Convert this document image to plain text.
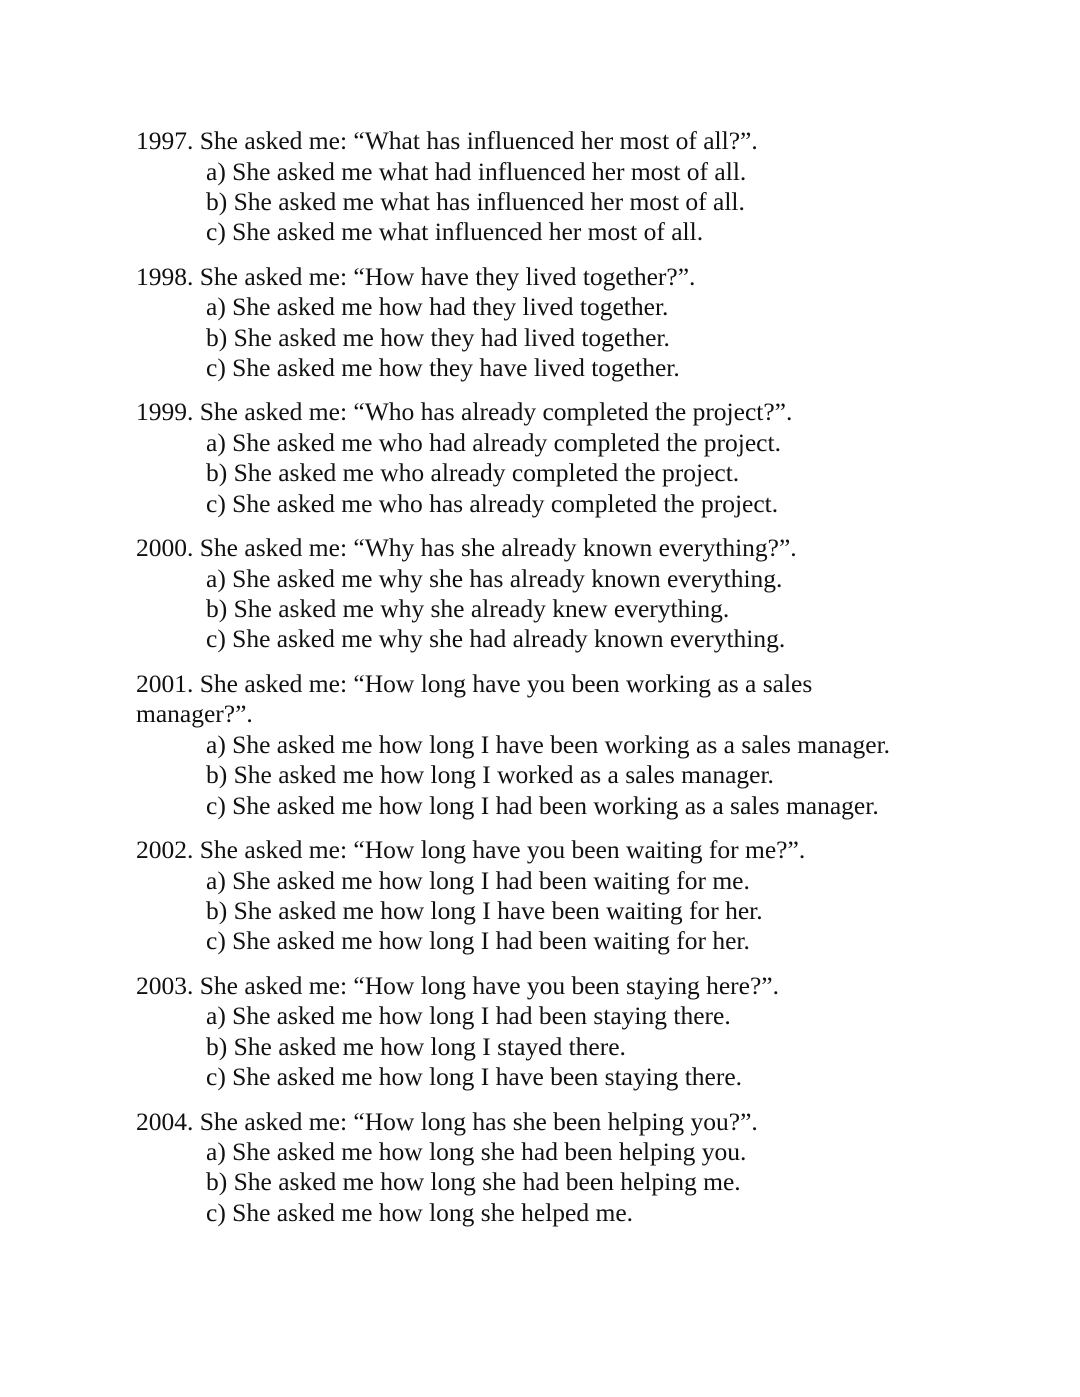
1997. She asked me: “What has influenced her most of all?”.
a) She asked me what had influenced her most of all.
b) She asked me what has influenced her most of all.
c) She asked me what influenced her most of all.
1998. She asked me: “How have they lived together?”.
a) She asked me how had they lived together.
b) She asked me how they had lived together.
c) She asked me how they have lived together.
1999. She asked me: “Who has already completed the project?”.
a) She asked me who had already completed the project.
b) She asked me who already completed the project.
c) She asked me who has already completed the project.
2000. She asked me: “Why has she already known everything?”.
a) She asked me why she has already known everything.
b) She asked me why she already knew everything.
c) She asked me why she had already known everything.
2001. She asked me: “How long have you been working as a sales manager?”.
a) She asked me how long I have been working as a sales manager.
b) She asked me how long I worked as a sales manager.
c) She asked me how long I had been working as a sales manager.
2002. She asked me: “How long have you been waiting for me?”.
a) She asked me how long I had been waiting for me.
b) She asked me how long I have been waiting for her.
c) She asked me how long I had been waiting for her.
2003. She asked me: “How long have you been staying here?”.
a) She asked me how long I had been staying there.
b) She asked me how long I stayed there.
c) She asked me how long I have been staying there.
2004. She asked me: “How long has she been helping you?”.
a) She asked me how long she had been helping you.
b) She asked me how long she had been helping me.
c) She asked me how long she helped me.
